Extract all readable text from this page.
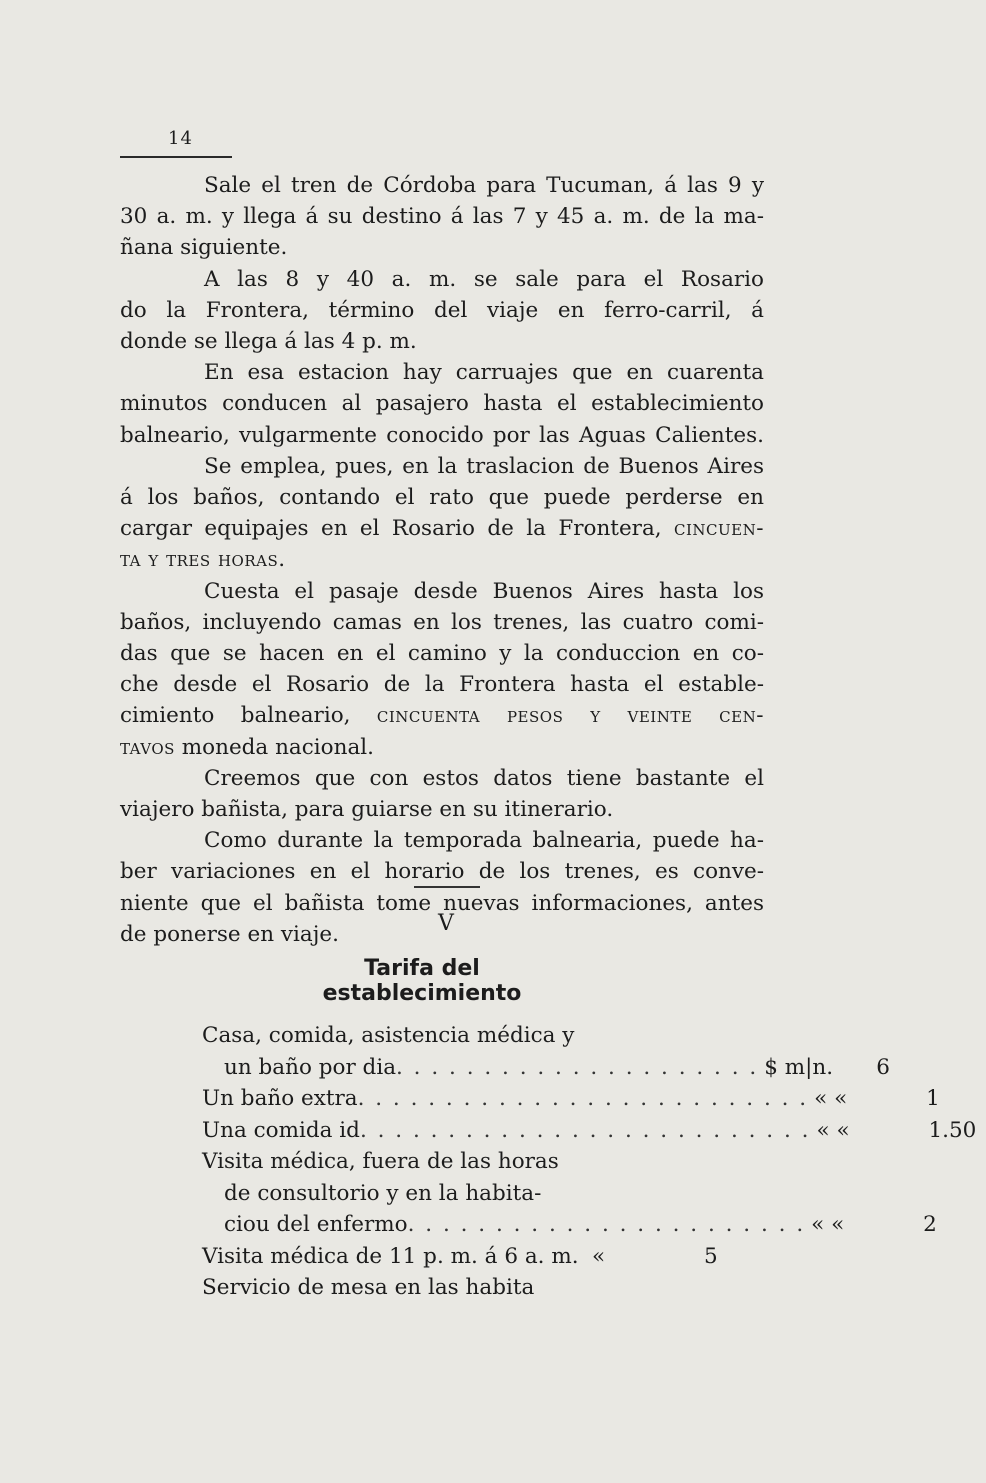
14
Sale el tren de Córdoba para Tucuman, á las 9 y
30 a. m. y llega á su destino á las 7 y 45 a. m. de la ma-
ñana siguiente.
A las 8 y 40 a. m. se sale para el Rosario
do la Frontera, término del viaje en ferro-carril, á
donde se llega á las 4 p. m.
En esa estacion hay carruajes que en cuarenta
minutos conducen al pasajero hasta el establecimiento
balneario, vulgarmente conocido por las Aguas Calientes.
Se emplea, pues, en la traslacion de Buenos Aires
á los baños, contando el rato que puede perderse en
cargar equipajes en el Rosario de la Frontera, cincuen-
ta y tres horas.
Cuesta el pasaje desde Buenos Aires hasta los
baños, incluyendo camas en los trenes, las cuatro comi-
das que se hacen en el camino y la conduccion en co-
che desde el Rosario de la Frontera hasta el estable-
cimiento balneario, cincuenta pesos y veinte cen-
tavos moneda nacional.
Creemos que con estos datos tiene bastante el
viajero bañista, para guiarse en su itinerario.
Como durante la temporada balnearia, puede ha-
ber variaciones en el horario de los trenes, es conve-
niente que el bañista tome nuevas informaciones, antes
de ponerse en viaje.	V
Tarifa del establecimiento
Casa, comida, asistencia médica y
un baño por dia . . . . . . . . . . . . . . . . . . . . . $ m|n.	6
Un baño extra . . . . . . . . . . . . . . . . . . . . . . . . . . « «	1
Una comida id . . . . . . . . . . . . . . . . . . . . . . . . . . « «	1.50
Visita médica, fuera de las horas
de consultorio y en la habita-
ciou del enfermo . . . . . . . . . . . . . . . . . . . . . . . « «	2
Visita médica de 11 p. m. á 6 a. m. «	5
Servicio de mesa en las habita
